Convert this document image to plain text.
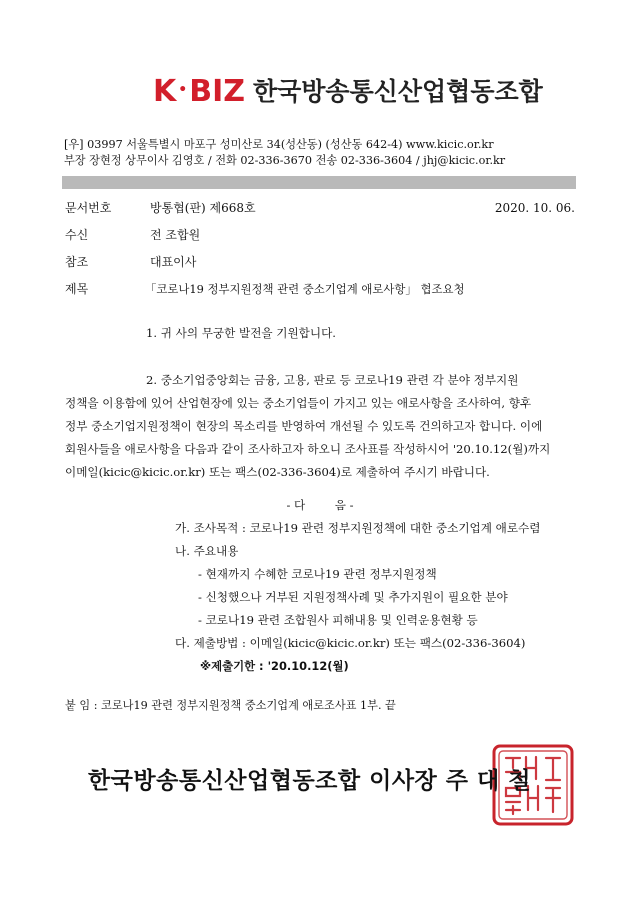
K •BIZ 한국방송통신산업협동조합
[우] 03997 서울특별시 마포구 성미산로 34(성산동) (성산동 642-4) www.kicic.or.kr
부장 장현정 상무이사 김영호 / 전화 02-336-3670 전송 02-336-3604 / jhj@kicic.or.kr
문서번호	방통협(판) 제668호	2020. 10. 06.
수신	전 조합원
참조	대표이사
제목	「코로나19 정부지원정책 관련 중소기업계 애로사항」 협조요청
1. 귀 사의 무궁한 발전을 기원합니다.
2. 중소기업중앙회는 금융, 고용, 판로 등 코로나19 관련 각 분야 정부지원
정책을 이용함에 있어 산업현장에 있는 중소기업들이 가지고 있는 애로사항을 조사하여, 향후
정부 중소기업지원정책이 현장의 목소리를 반영하여 개선될 수 있도록 건의하고자 합니다. 이에
회원사들을 애로사항을 다음과 같이 조사하고자 하오니 조사표를 작성하시어 '20.10.12(월)까지
이메일(kicic@kicic.or.kr) 또는 팩스(02-336-3604)로 제출하여 주시기 바랍니다.
- 다        음 -
가. 조사목적 : 코로나19 관련 정부지원정책에 대한 중소기업계 애로수렴
나. 주요내용
- 현재까지 수혜한 코로나19 관련 정부지원정책
- 신청했으나 거부된 지원정책사례 및 추가지원이 필요한 분야
- 코로나19 관련 조합원사 피해내용 및 인력운용현황 등
다. 제출방법 : 이메일(kicic@kicic.or.kr) 또는 팩스(02-336-3604)
※제출기한 : '20.10.12(월)
붙 임 : 코로나19 관련 정부지원정책 중소기업계 애로조사표 1부. 끝
한국방송통신산업협동조합 이사장 주 대 철
